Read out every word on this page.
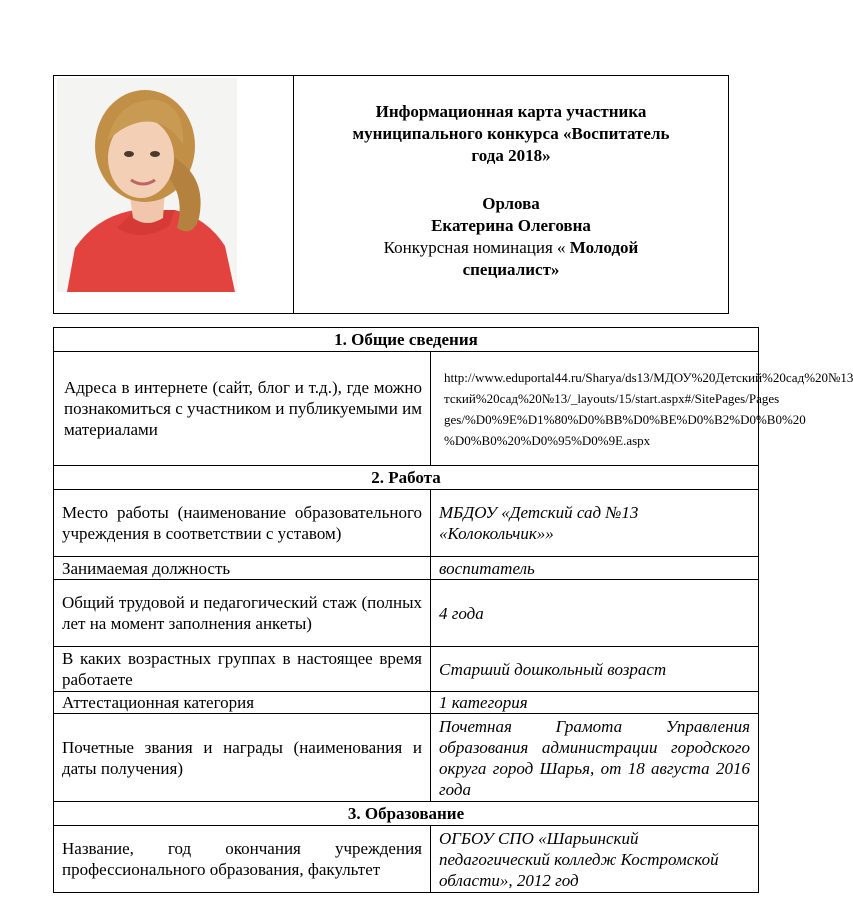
Информационная карта участника
муниципального конкурса «Воспитатель
года 2018»
Орлова
Екатерина Олеговна
Конкурсная номинация « Молодой
специалист»
1. Общие сведения	
Адреса в интернете (сайт, блог и т.д.), где можно познакомиться с участником и публикуемыми им материалами	http://www.eduportal44.ru/Sharya/ds13/МДОУ%20Детский%20сад%20№13
тский%20сад%20№13/_layouts/15/start.aspx#/SitePages/Pages
ges/%D0%9E%D1%80%D0%BB%D0%BE%D0%B2%D0%B0%20
%D0%B0%20%D0%95%D0%9E.aspx

2. Работа	
Место работы (наименование образовательного учреждения в соответствии с уставом)	МБДОУ «Детский сад №13 «Колокольчик»»
Занимаемая должность	воспитатель
Общий трудовой и педагогический стаж (полных лет на момент заполнения анкеты)	4 года
В каких возрастных группах в настоящее время работаете	Старший дошкольный возраст
Аттестационная категория	1 категория
Почетные звания и награды (наименования и даты получения)	Почетная Грамота Управления образования администрации городского округа город Шарья, от 18 августа 2016 года
3. Образование	
Название, год окончания учреждения профессионального образования, факультет	ОГБОУ СПО «Шарьинский педагогический колледж Костромской области», 2012 год
